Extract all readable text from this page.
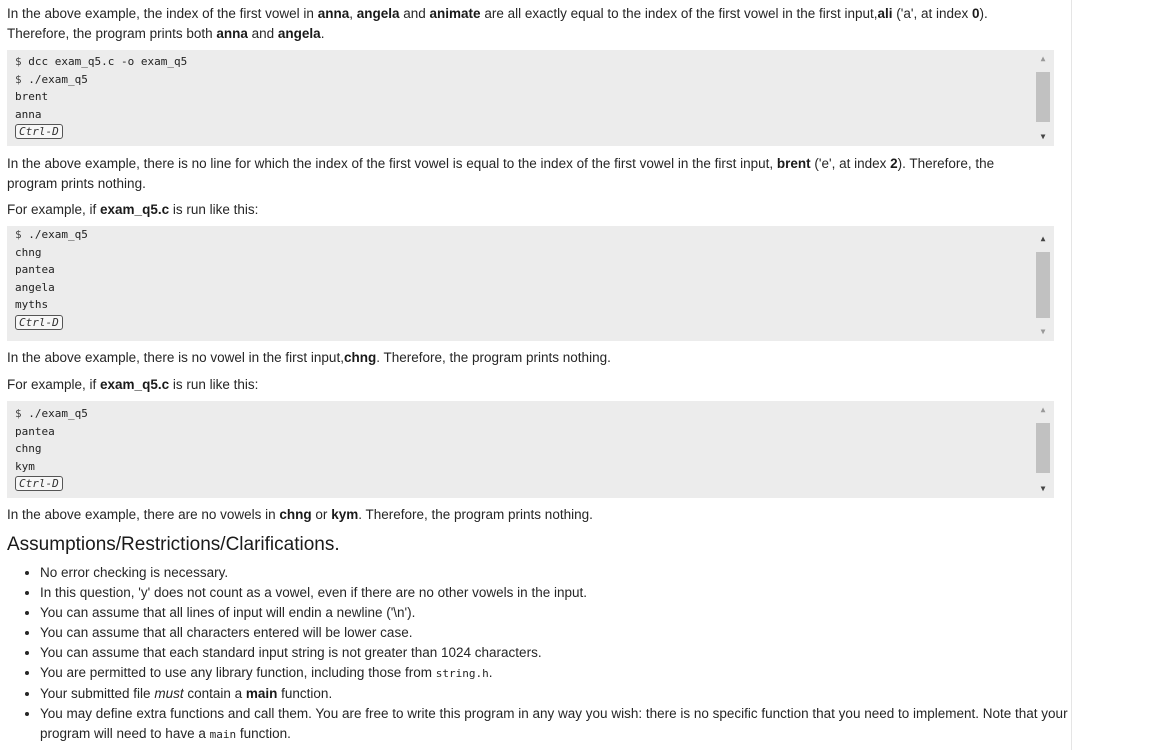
In the above example, the index of the first vowel in anna, angela and animate are all exactly equal to the index of the first vowel in the first input,ali ('a', at index 0). Therefore, the program prints both anna and angela.

$ dcc exam_q5.c -o exam_q5
$ ./exam_q5
brent
anna
Ctrl-D
▲
▼

In the above example, there is no line for which the index of the first vowel is equal to the index of the first vowel in the first input, brent ('e', at index 2). Therefore, the program prints nothing.

For example, if exam_q5.c is run like this:

$ ./exam_q5
chng
pantea
angela
myths
Ctrl-D
▲
▼

In the above example, there is no vowel in the first input,chng. Therefore, the program prints nothing.

For example, if exam_q5.c is run like this:

$ ./exam_q5
pantea
chng
kym
Ctrl-D
▲
▼

In the above example, there are no vowels in chng or kym. Therefore, the program prints nothing.

Assumptions/Restrictions/Clarifications.
• No error checking is necessary.
• In this question, 'y' does not count as a vowel, even if there are no other vowels in the input.
• You can assume that all lines of input will endin a newline ('\n').
• You can assume that all characters entered will be lower case.
• You can assume that each standard input string is not greater than 1024 characters.
• You are permitted to use any library function, including those from string.h.
• Your submitted file must contain a main function.
• You may define extra functions and call them. You are free to write this program in any way you wish: there is no specific function that you need to implement. Note that your program will need to have a main function.
